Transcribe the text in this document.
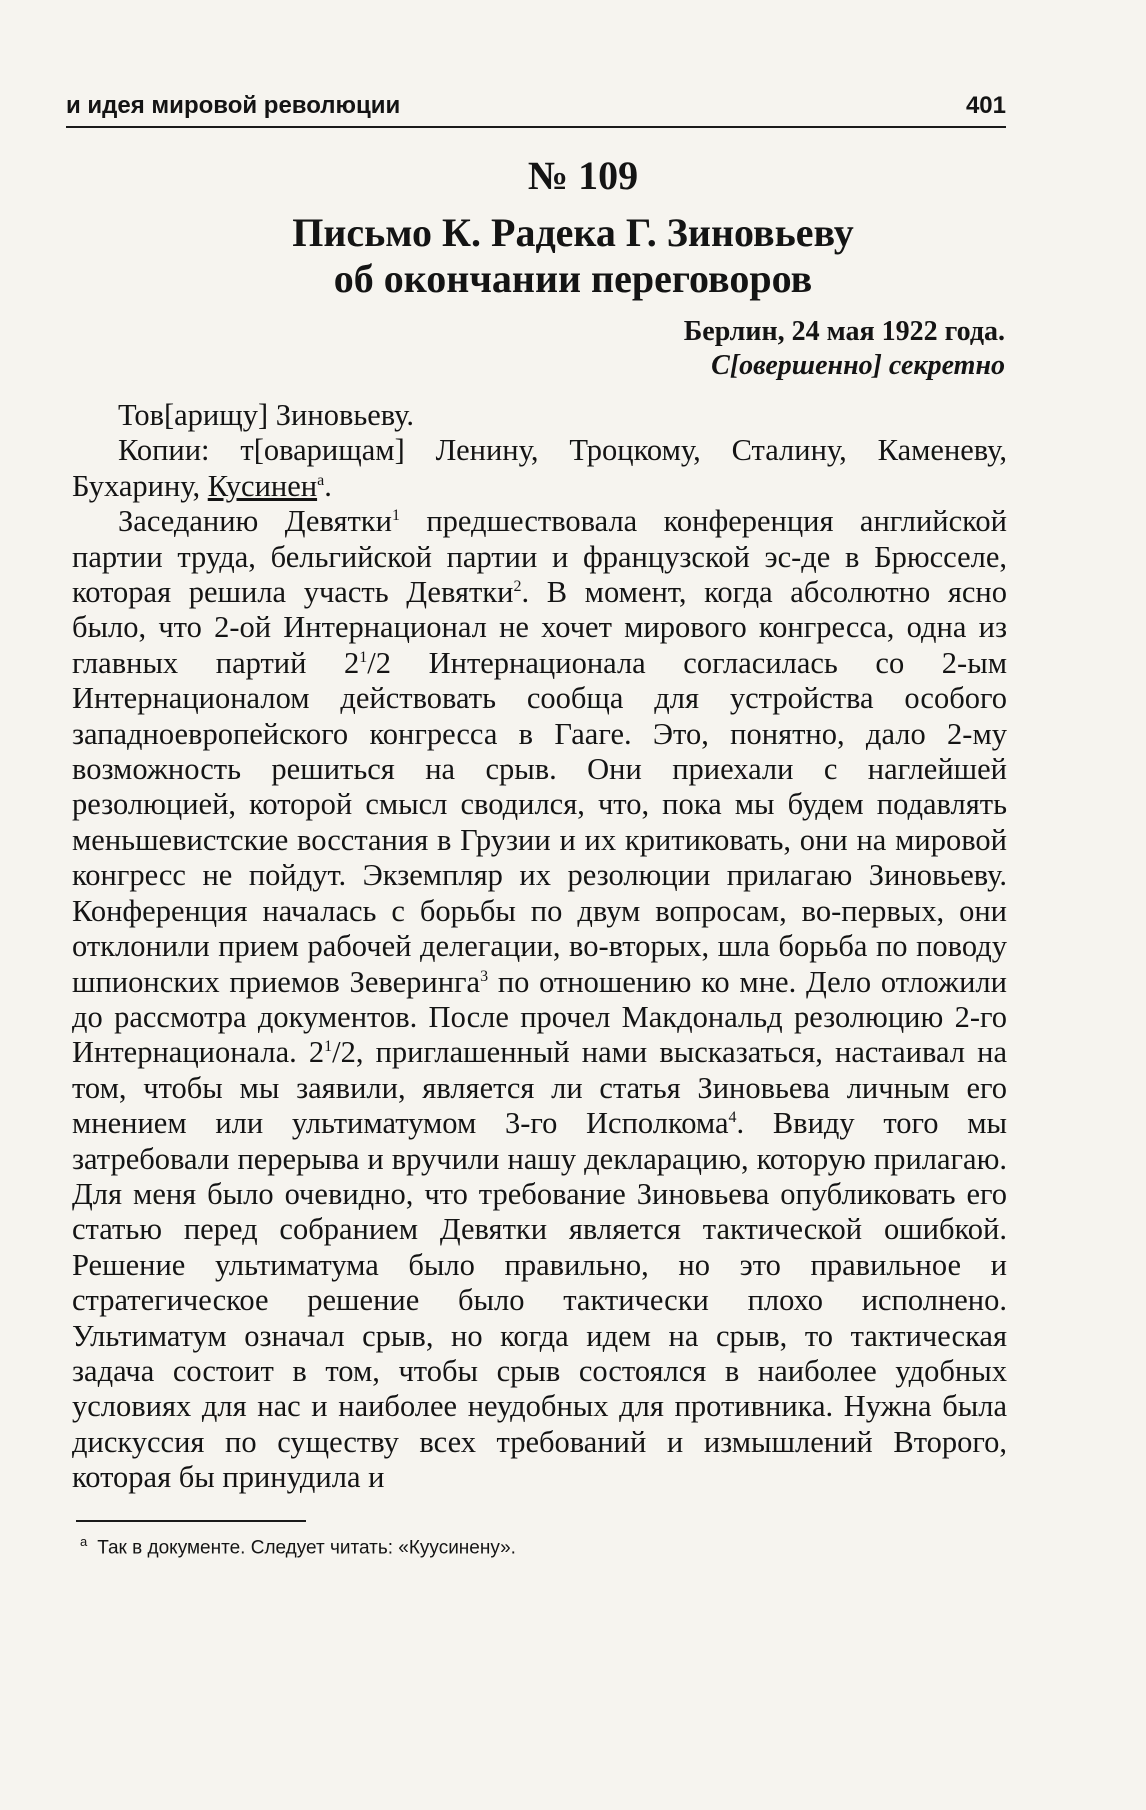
и идея мировой революции	401
№ 109
Письмо К. Радека Г. Зиновьеву
об окончании переговоров
Берлин, 24 мая 1922 года.
С[овершенно] секретно

Тов[арищу] Зиновьеву.

Копии: т[оварищам] Ленину, Троцкому, Сталину, Каменеву, Бухарину, Кусинен$^а$.

Заседанию Девятки$^1$ предшествовала конференция английской партии труда, бельгийской партии и французской эс-де в Брюсселе, которая решила участь Девятки$^2$. В момент, когда абсолютно ясно было, что 2-ой Интернационал не хочет мирового конгресса, одна из главных партий $2^1/2$ Интернационала согласилась со 2-ым Интернационалом действовать сообща для устройства особого западноевропейского конгресса в Гааге. Это, понятно, дало 2-му возможность решиться на срыв. Они приехали с наглейшей резолюцией, которой смысл сводился, что, пока мы будем подавлять меньшевистские восстания в Грузии и их критиковать, они на мировой конгресс не пойдут. Экземпляр их резолюции прилагаю Зиновьеву. Конференция началась с борьбы по двум вопросам, во-первых, они отклонили прием рабочей делегации, во-вторых, шла борьба по поводу шпионских приемов Зеверинга$^3$ по отношению ко мне. Дело отложили до рассмотра документов. После прочел Макдональд резолюцию 2-го Интернационала. $2^1/2$, приглашенный нами высказаться, настаивал на том, чтобы мы заявили, является ли статья Зиновьева личным его мнением или ультиматумом 3-го Исполкома$^4$. Ввиду того мы затребовали перерыва и вручили нашу декларацию, которую прилагаю. Для меня было очевидно, что требование Зиновьева опубликовать его статью перед собранием Девятки является тактической ошибкой. Решение ультиматума было правильно, но это правильное и стратегическое решение было тактически плохо исполнено. Ультиматум означал срыв, но когда идем на срыв, то тактическая задача состоит в том, чтобы срыв состоялся в наиболее удобных условиях для нас и наиболее неудобных для противника. Нужна была дискуссия по существу всех требований и измышлений Второго, которая бы принудила и

$^а$ Так в документе. Следует читать: «Куусинену».
